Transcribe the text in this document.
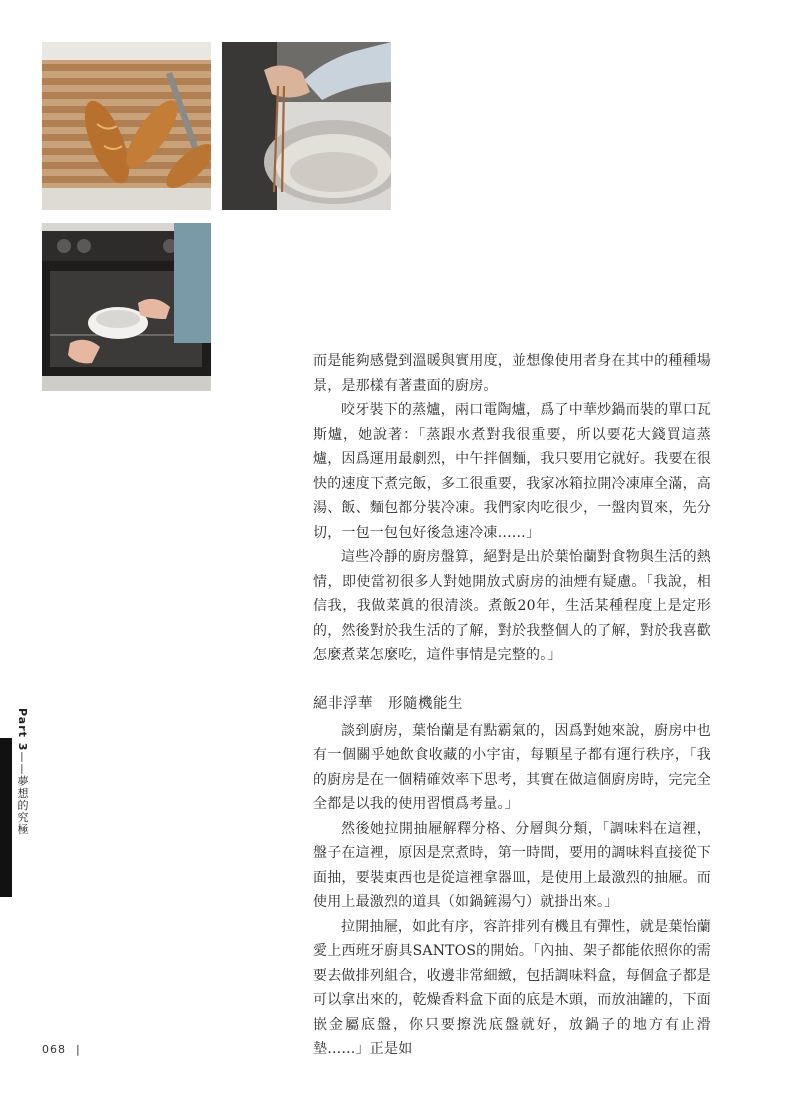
而是能夠感覺到溫暖與實用度，並想像使用者身在其中的種種場景，是那樣有著畫面的廚房。

咬牙裝下的蒸爐，兩口電陶爐，爲了中華炒鍋而裝的單口瓦斯爐，她說著：「蒸跟水煮對我很重要，所以要花大錢買這蒸爐，因爲運用最劇烈，中午拌個麵，我只要用它就好。我要在很快的速度下煮完飯，多工很重要，我家冰箱拉開冷凍庫全滿，高湯、飯、麵包都分裝冷凍。我們家肉吃很少，一盤肉買來，先分切，一包一包包好後急速冷凍……」

這些冷靜的廚房盤算，絕對是出於葉怡蘭對食物與生活的熱情，即使當初很多人對她開放式廚房的油煙有疑慮。「我說，相信我，我做菜眞的很清淡。煮飯20年，生活某種程度上是定形的，然後對於我生活的了解，對於我整個人的了解，對於我喜歡怎麼煮菜怎麼吃，這件事情是完整的。」

絕非浮華　形隨機能生

談到廚房，葉怡蘭是有點霸氣的，因爲對她來說，廚房中也有一個關乎她飲食收藏的小宇宙，每顆星子都有運行秩序，「我的廚房是在一個精確效率下思考，其實在做這個廚房時，完完全全都是以我的使用習慣爲考量。」

然後她拉開抽屜解釋分格、分層與分類，「調味料在這裡，盤子在這裡，原因是烹煮時，第一時間，要用的調味料直接從下面抽，要裝東西也是從這裡拿器皿，是使用上最激烈的抽屜。而使用上最激烈的道具（如鍋鏟湯勺）就掛出來。」

拉開抽屜，如此有序，容許排列有機且有彈性，就是葉怡蘭愛上西班牙廚具SANTOS的開始。「內抽、架子都能依照你的需要去做排列組合，收邊非常細緻，包括調味料盒，每個盒子都是可以拿出來的，乾燥香料盒下面的底是木頭，而放油罐的，下面嵌金屬底盤，你只要擦洗底盤就好，放鍋子的地方有止滑墊……」正是如

Part 3——夢想的究極
068 |
